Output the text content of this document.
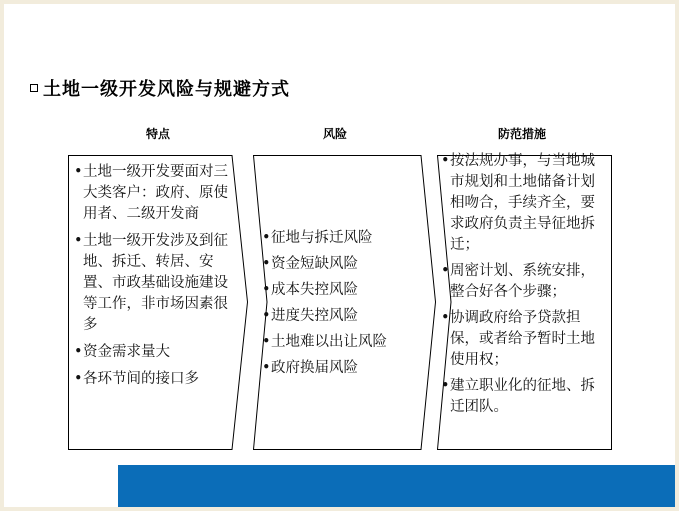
土地一级开发风险与规避方式
特点	风险	防范措施
• 土地一级开发要面对三大类客户：政府、原使用者、二级开发商
• 土地一级开发涉及到征地、拆迁、转居、安置、市政基础设施建设等工作，非市场因素很多
• 资金需求量大
• 各环节间的接口多
• 征地与拆迁风险
• 资金短缺风险
• 成本失控风险
• 进度失控风险
• 土地难以出让风险
• 政府换届风险
• 按法规办事，与当地城市规划和土地储备计划相吻合，手续齐全，要求政府负责主导征地拆迁；
• 周密计划、系统安排，整合好各个步骤；
• 协调政府给予贷款担保，或者给予暂时土地使用权；
• 建立职业化的征地、拆迁团队。
